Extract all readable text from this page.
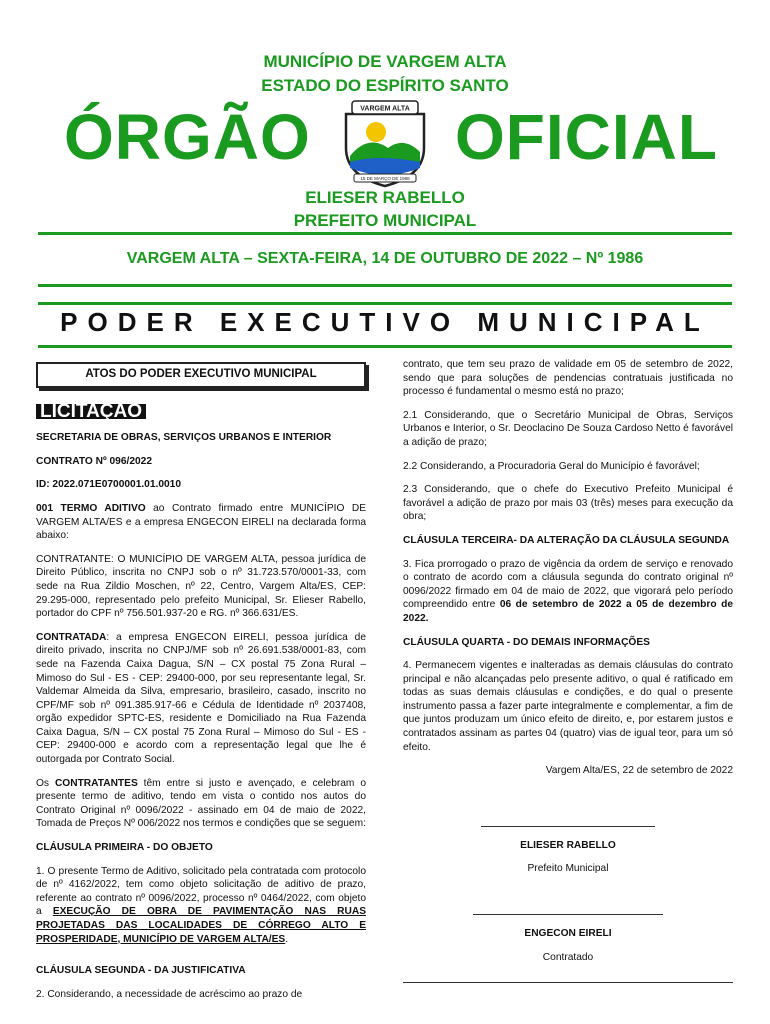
MUNICÍPIO DE VARGEM ALTA
ESTADO DO ESPÍRITO SANTO
ÓRGÃO OFICIAL
VARGEM ALTA
15 DE MARÇO DE 1988
ELIESER RABELLO
PREFEITO MUNICIPAL
VARGEM ALTA – SEXTA-FEIRA, 14 DE OUTUBRO DE 2022 – Nº 1986
PODER EXECUTIVO MUNICIPAL
ATOS DO PODER EXECUTIVO MUNICIPAL
LICITAÇÃO

SECRETARIA DE OBRAS, SERVIÇOS URBANOS E INTERIOR

CONTRATO Nº 096/2022

ID: 2022.071E0700001.01.0010

001 TERMO ADITIVO ao Contrato firmado entre MUNICÍPIO DE VARGEM ALTA/ES e a empresa ENGECON EIRELI na declarada forma abaixo:

CONTRATANTE: O MUNICÍPIO DE VARGEM ALTA, pessoa jurídica de Direito Público, inscrita no CNPJ sob o nº 31.723.570/0001-33, com sede na Rua Zildio Moschen, nº 22, Centro, Vargem Alta/ES, CEP: 29.295-000, representado pelo prefeito Municipal, Sr. Elieser Rabello, portador do CPF nº 756.501.937-20 e RG. nº 366.631/ES.

CONTRATADA: a empresa ENGECON EIRELI, pessoa jurídica de direito privado, inscrita no CNPJ/MF sob nº 26.691.538/0001-83, com sede na Fazenda Caixa Dagua, S/N – CX postal 75 Zona Rural – Mimoso do Sul - ES - CEP: 29400-000, por seu representante legal, Sr. Valdemar Almeida da Silva, empresario, brasileiro, casado, inscrito no CPF/MF sob nº 091.385.917-66 e Cédula de Identidade nº 2037408, orgão expedidor SPTC-ES, residente e Domiciliado na Rua Fazenda Caixa Dagua, S/N – CX postal 75 Zona Rural – Mimoso do Sul - ES - CEP: 29400-000 e acordo com a representação legal que lhe é outorgada por Contrato Social.

Os CONTRATANTES têm entre si justo e avençado, e celebram o presente termo de aditivo, tendo em vista o contido nos autos do Contrato Original nº 0096/2022 - assinado em 04 de maio de 2022, Tomada de Preços Nº 006/2022 nos termos e condições que se seguem:

CLÁUSULA PRIMEIRA - DO OBJETO

1. O presente Termo de Aditivo, solicitado pela contratada com protocolo de nº 4162/2022, tem como objeto solicitação de aditivo de prazo, referente ao contrato nº 0096/2022, processo nº 0464/2022, com objeto a EXECUÇÃO DE OBRA DE PAVIMENTAÇÃO NAS RUAS PROJETADAS DAS LOCALIDADES DE CÓRREGO ALTO E PROSPERIDADE, MUNICÍPIO DE VARGEM ALTA/ES.

CLÁUSULA SEGUNDA - DA JUSTIFICATIVA

2. Considerando, a necessidade de acréscimo ao prazo de

contrato, que tem seu prazo de validade em 05 de setembro de 2022, sendo que para soluções de pendencias contratuais justificada no processo é fundamental o mesmo está no prazo;

2.1 Considerando, que o Secretário Municipal de Obras, Serviços Urbanos e Interior, o Sr. Deoclacino De Souza Cardoso Netto é favorável a adição de prazo;

2.2 Considerando, a Procuradoria Geral do Município é favorável;

2.3 Considerando, que o chefe do Executivo Prefeito Municipal é favorável a adição de prazo por mais 03 (três) meses para execução da obra;

CLÁUSULA TERCEIRA- DA ALTERAÇÃO DA CLÁUSULA SEGUNDA

3. Fica prorrogado o prazo de vigência da ordem de serviço e renovado o contrato de acordo com a cláusula segunda do contrato original nº 0096/2022 firmado em 04 de maio de 2022, que vigorará pelo período compreendido entre 06 de setembro de 2022 a 05 de dezembro de 2022.

CLÁUSULA QUARTA - DO DEMAIS INFORMAÇÕES

4. Permanecem vigentes e inalteradas as demais cláusulas do contrato principal e não alcançadas pelo presente aditivo, o qual é ratificado em todas as suas demais cláusulas e condições, e do qual o presente instrumento passa a fazer parte integralmente e complementar, a fim de que juntos produzam um único efeito de direito, e, por estarem justos e contratados assinam as partes 04 (quatro) vias de igual teor, para um só efeito.

Vargem Alta/ES, 22 de setembro de 2022

ELIESER RABELLO

Prefeito Municipal

ENGECON EIRELI

Contratado
